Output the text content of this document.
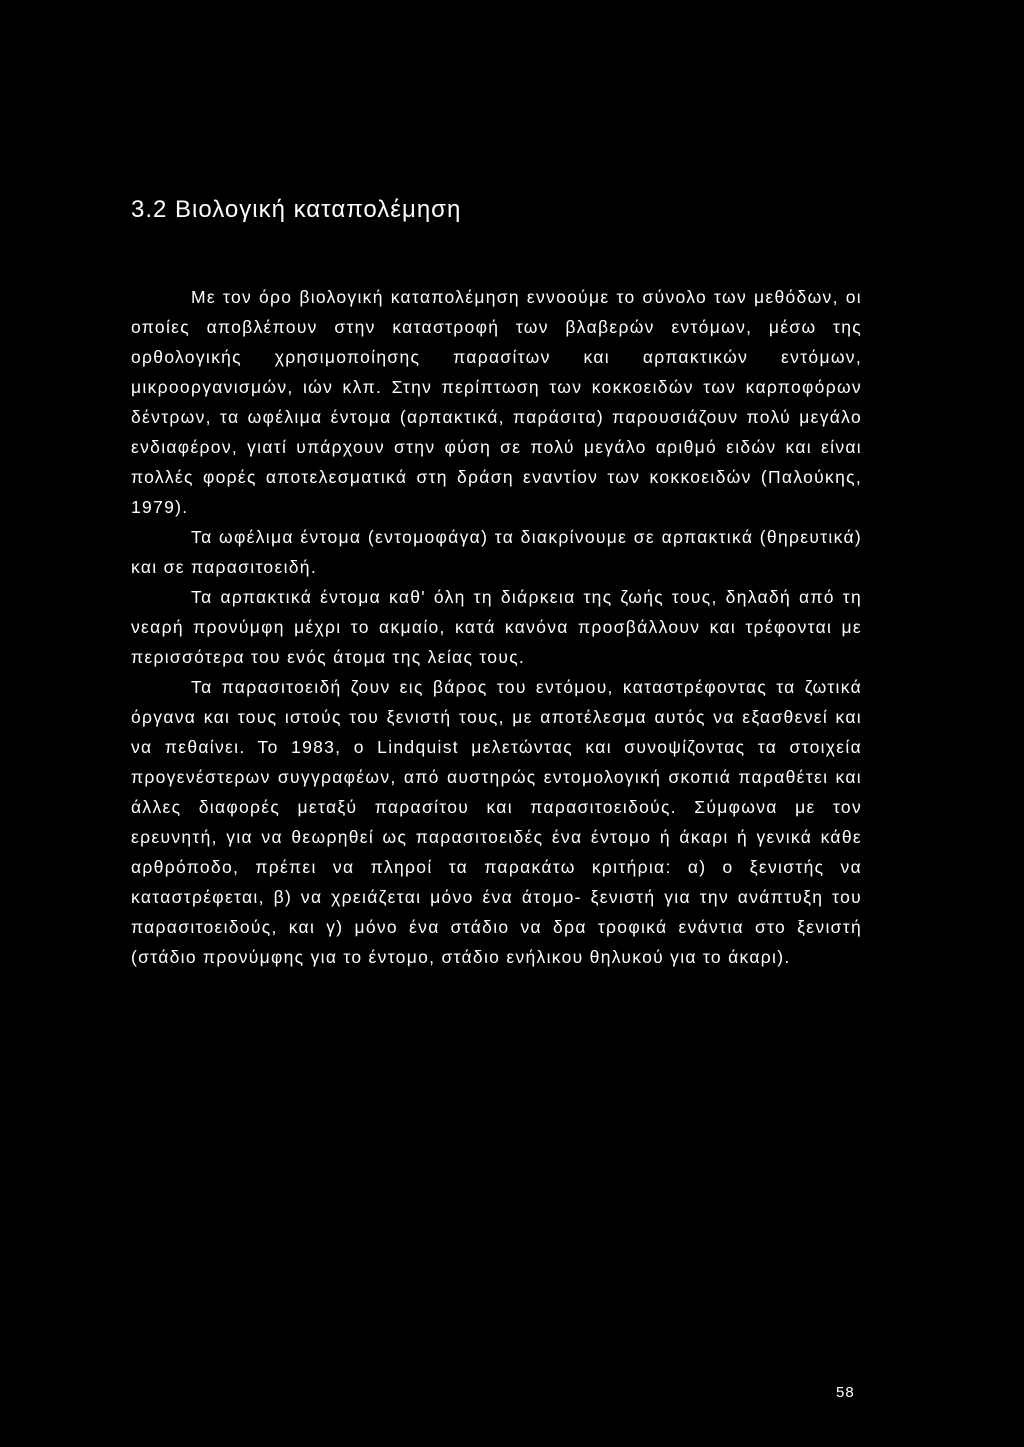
3.2 Βιολογική καταπολέμηση

Με τον όρο βιολογική καταπολέμηση εννοούμε το σύνολο των μεθόδων, οι οποίες αποβλέπουν στην καταστροφή των βλαβερών εντόμων, μέσω της ορθολογικής χρησιμοποίησης παρασίτων και αρπακτικών εντόμων, μικροοργανισμών, ιών κλπ. Στην περίπτωση των κοκκοειδών των καρποφόρων δέντρων, τα ωφέλιμα έντομα (αρπακτικά, παράσιτα) παρουσιάζουν πολύ μεγάλο ενδιαφέρον, γιατί υπάρχουν στην φύση σε πολύ μεγάλο αριθμό ειδών και είναι πολλές φορές αποτελεσματικά στη δράση εναντίον των κοκκοειδών (Παλούκης, 1979).

Τα ωφέλιμα έντομα (εντομοφάγα) τα διακρίνουμε σε αρπακτικά (θηρευτικά) και σε παρασιτοειδή.

Τα αρπακτικά έντομα καθ' όλη τη διάρκεια της ζωής τους, δηλαδή από τη νεαρή προνύμφη μέχρι το ακμαίο, κατά κανόνα προσβάλλουν και τρέφονται με περισσότερα του ενός άτομα της λείας τους.

Τα παρασιτοειδή ζουν εις βάρος του εντόμου, καταστρέφοντας τα ζωτικά όργανα και τους ιστούς του ξενιστή τους, με αποτέλεσμα αυτός να εξασθενεί και να πεθαίνει. Το 1983, ο Lindquist μελετώντας και συνοψίζοντας τα στοιχεία προγενέστερων συγγραφέων, από αυστηρώς εντομολογική σκοπιά παραθέτει και άλλες διαφορές μεταξύ παρασίτου και παρασιτοειδούς. Σύμφωνα με τον ερευνητή, για να θεωρηθεί ως παρασιτοειδές ένα έντομο ή άκαρι ή γενικά κάθε αρθρόποδο, πρέπει να πληροί τα παρακάτω κριτήρια: α) ο ξενιστής να καταστρέφεται, β) να χρειάζεται μόνο ένα άτομο- ξενιστή για την ανάπτυξη του παρασιτοειδούς, και γ) μόνο ένα στάδιο να δρα τροφικά ενάντια στο ξενιστή (στάδιο προνύμφης για το έντομο, στάδιο ενήλικου θηλυκού για το άκαρι).

58
